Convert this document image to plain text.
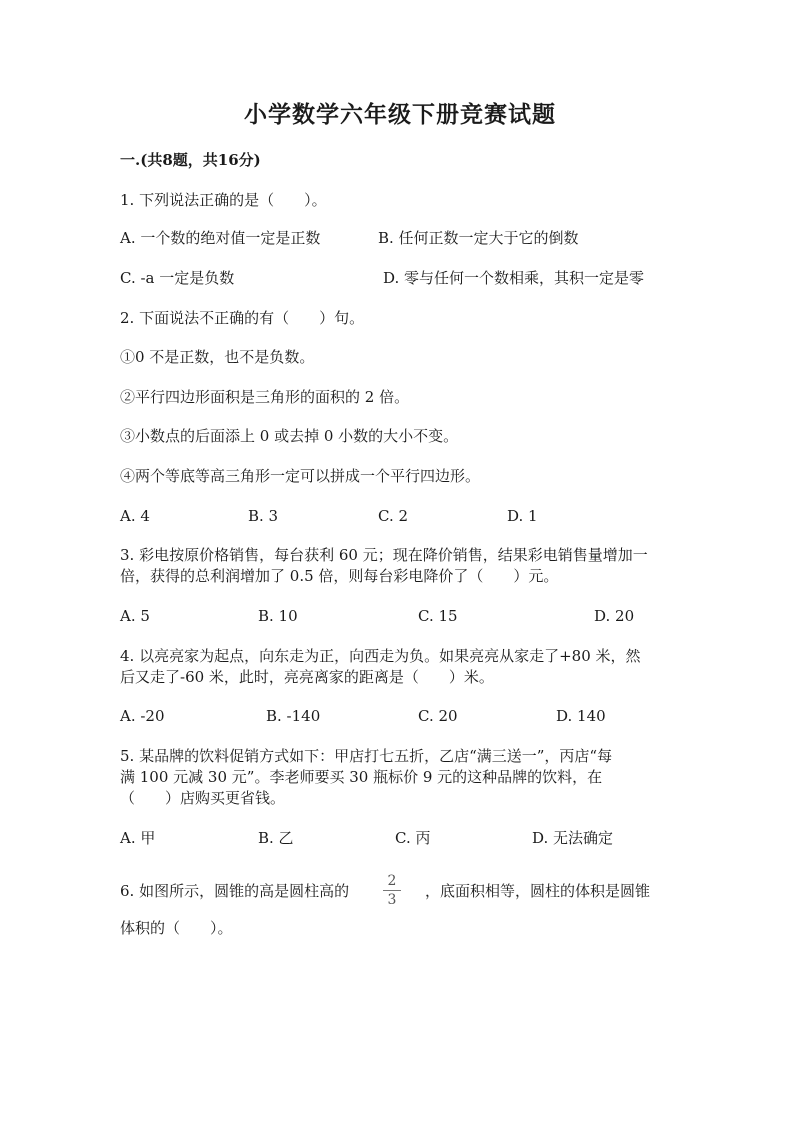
小学数学六年级下册竞赛试题
一.(共8题，共16分)
1. 下列说法正确的是（　　）。
A. 一个数的绝对值一定是正数	B. 任何正数一定大于它的倒数
C. -a 一定是负数	D. 零与任何一个数相乘，其积一定是零
2. 下面说法不正确的有（　　）句。
①0 不是正数，也不是负数。
②平行四边形面积是三角形的面积的 2 倍。
③小数点的后面添上 0 或去掉 0 小数的大小不变。
④两个等底等高三角形一定可以拼成一个平行四边形。
A. 4	B. 3	C. 2	D. 1
3. 彩电按原价格销售，每台获利 60 元；现在降价销售，结果彩电销售量增加一
倍，获得的总利润增加了 0.5 倍，则每台彩电降价了（　　）元。
A. 5	B. 10	C. 15	D. 20
4. 以亮亮家为起点，向东走为正，向西走为负。如果亮亮从家走了+80 米，然
后又走了-60 米，此时，亮亮离家的距离是（　　）米。
A. -20	B. -140	C. 20	D. 140
5. 某品牌的饮料促销方式如下：甲店打七五折，乙店“满三送一”，丙店“每
满 100 元减 30 元”。李老师要买 30 瓶标价 9 元的这种品牌的饮料，在
（　　）店购买更省钱。
A. 甲	B. 乙	C. 丙	D. 无法确定
6. 如图所示，圆锥的高是圆柱高的
2
3	，底面积相等，圆柱的体积是圆锥
体积的（　　）。
